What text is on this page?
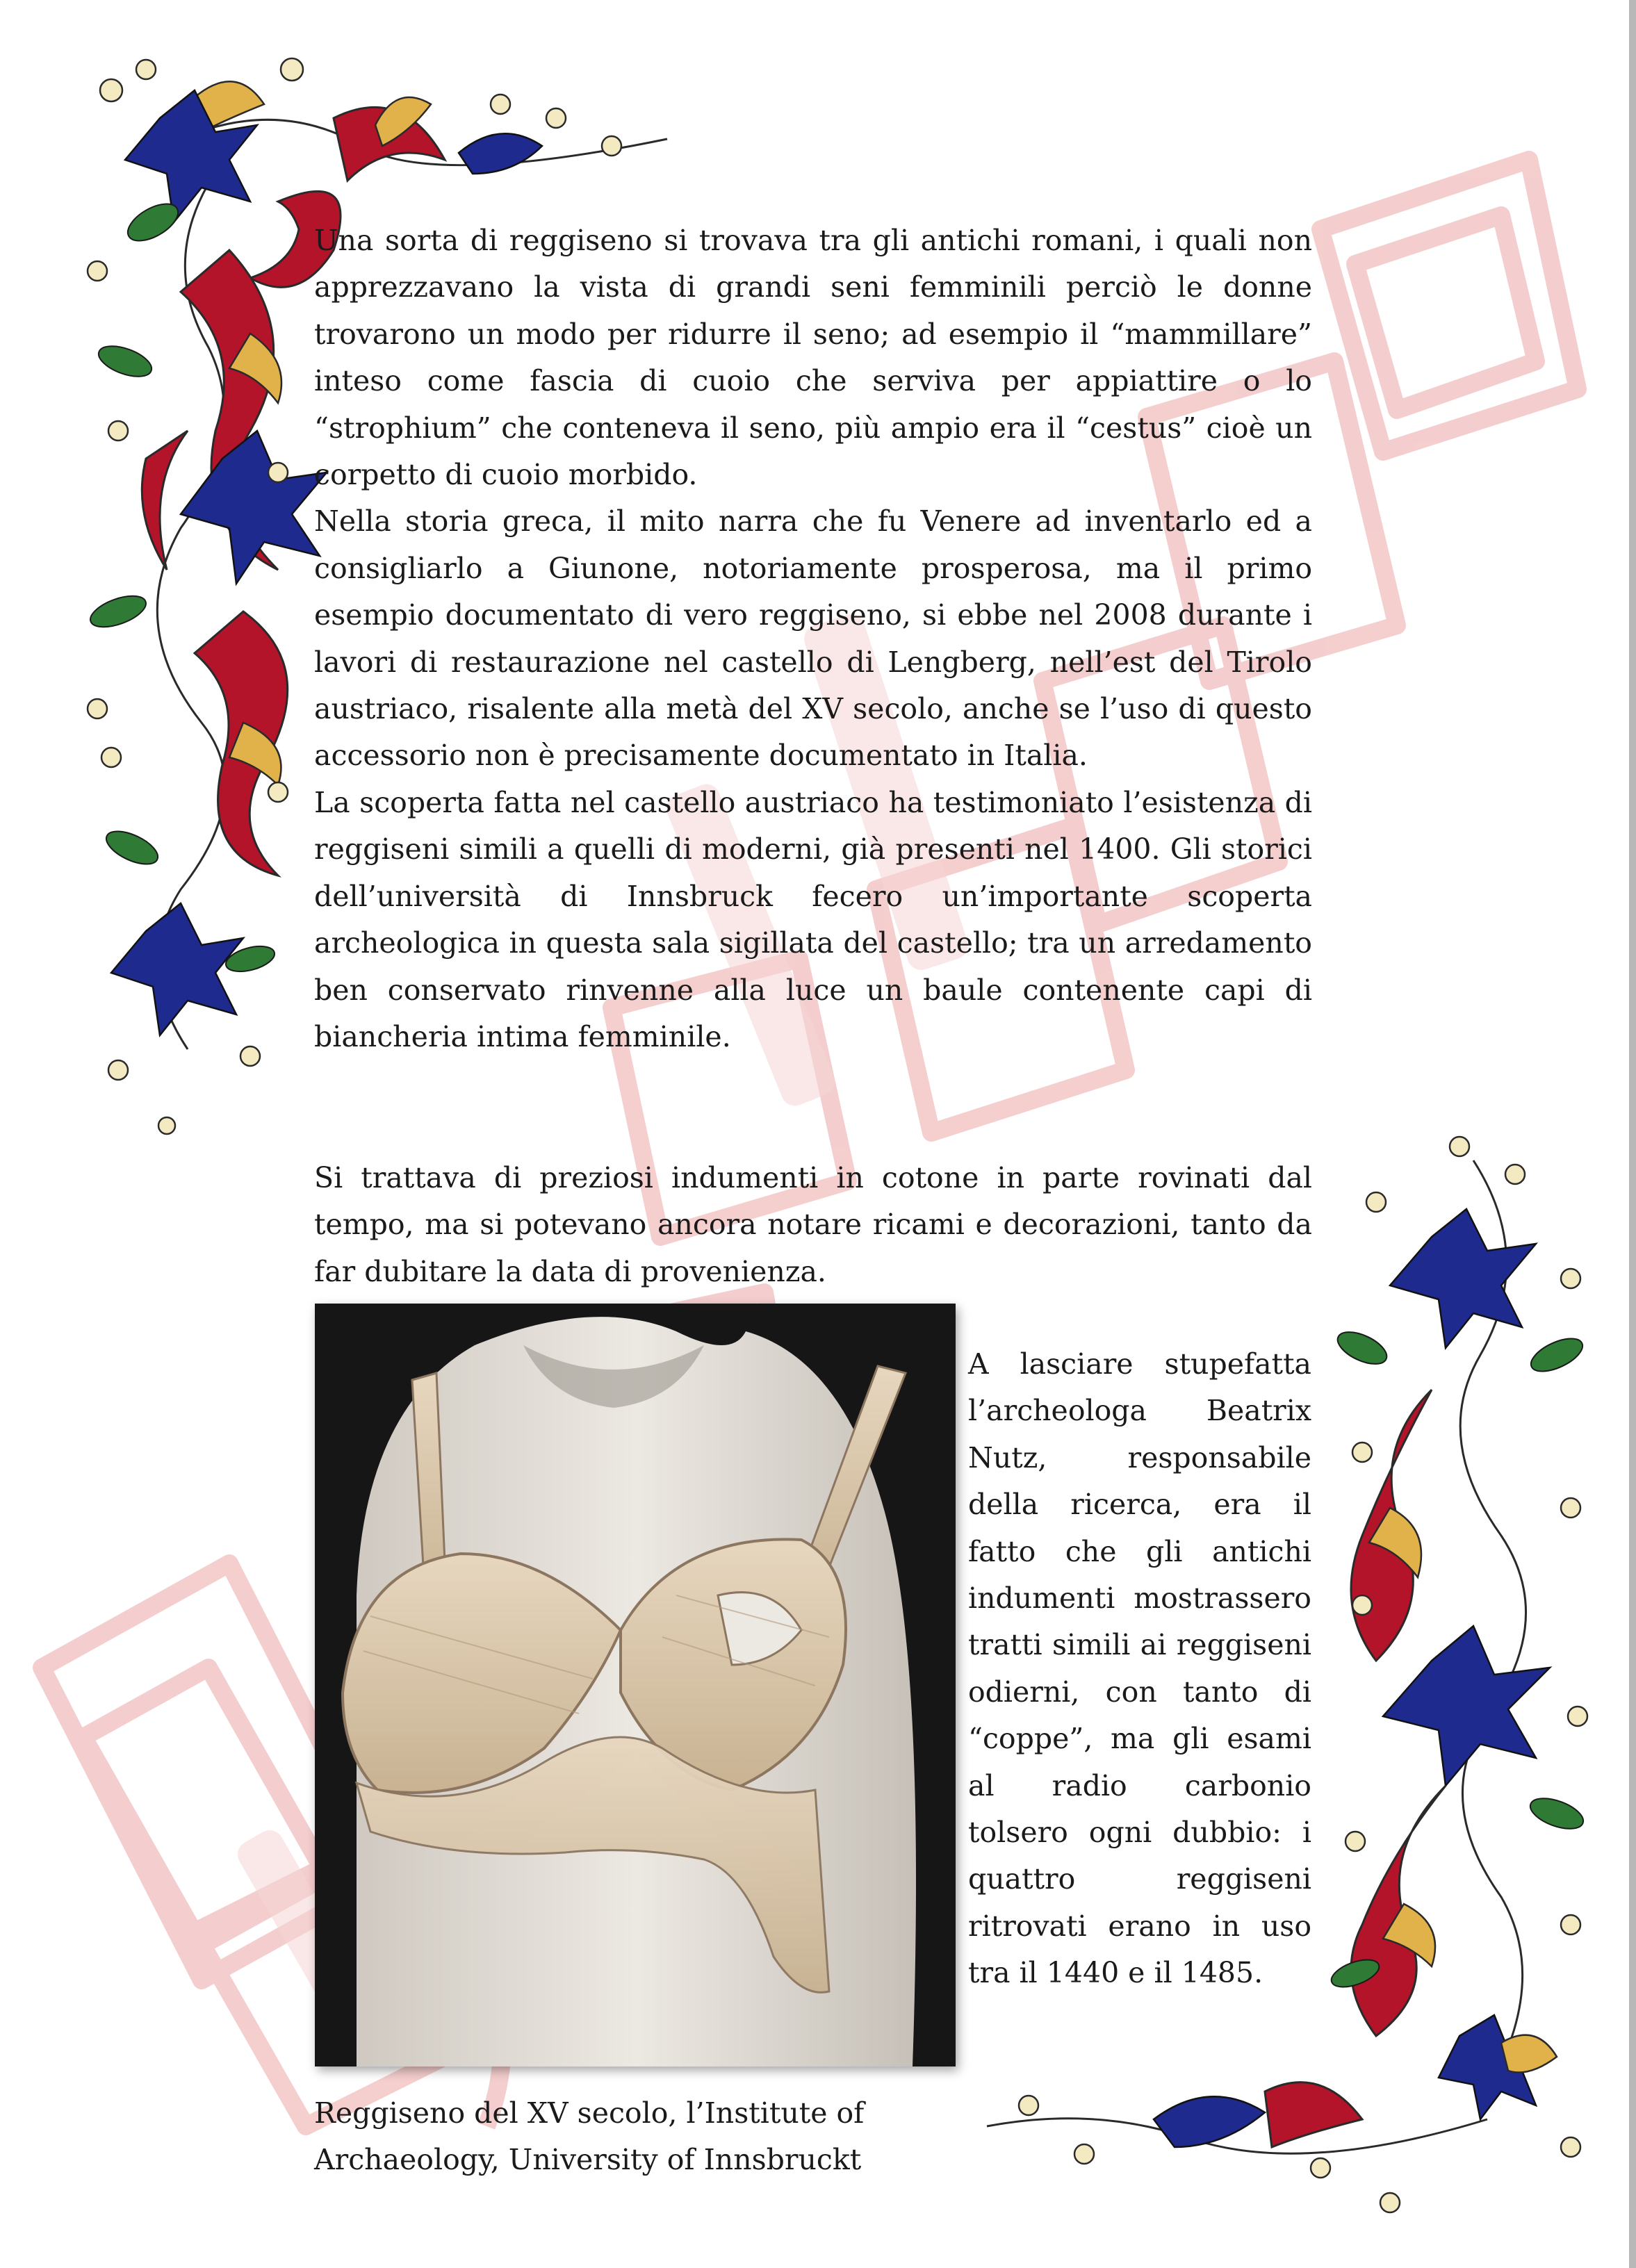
Una sorta di reggiseno si trovava tra gli antichi romani, i quali non apprezzavano la vista di grandi seni femminili perciò le donne trovarono un modo per ridurre il seno; ad esempio il “mammillare” inteso come fascia di cuoio che serviva per appiattire o lo “strophium” che conteneva il seno, più ampio era il “cestus” cioè un corpetto di cuoio morbido.

Nella storia greca, il mito narra che fu Venere ad inventarlo ed a consigliarlo a Giunone, notoriamente prosperosa, ma il primo esempio documentato di vero reggiseno, si ebbe nel 2008 durante i lavori di restaurazione nel castello di Lengberg, nell’est del Tirolo austriaco, risalente alla metà del XV secolo, anche se l’uso di questo accessorio non è precisamente documentato in Italia.

La scoperta fatta nel castello austriaco ha testimoniato l’esistenza di reggiseni simili a quelli di moderni, già presenti nel 1400. Gli storici dell’università di Innsbruck fecero un’importante scoperta archeologica in questa sala sigillata del castello; tra un arredamento ben conservato rinvenne alla luce un baule contenente capi di biancheria intima femminile.

Si trattava di preziosi indumenti in cotone in parte rovinati dal tempo, ma si potevano ancora notare ricami e decorazioni, tanto da far dubitare la data di provenienza.
A lasciare stupefatta l’archeologa Beatrix Nutz, responsabile della ricerca, era il fatto che gli antichi indumenti mostrassero tratti simili ai reggiseni odierni, con tanto di “coppe”, ma gli esami al radio carbonio tolsero ogni dubbio: i quattro reggiseni ritrovati erano in uso tra il 1440 e il 1485.
Reggiseno del XV secolo, l’Institute of
Archaeology, University of Innsbruckt
